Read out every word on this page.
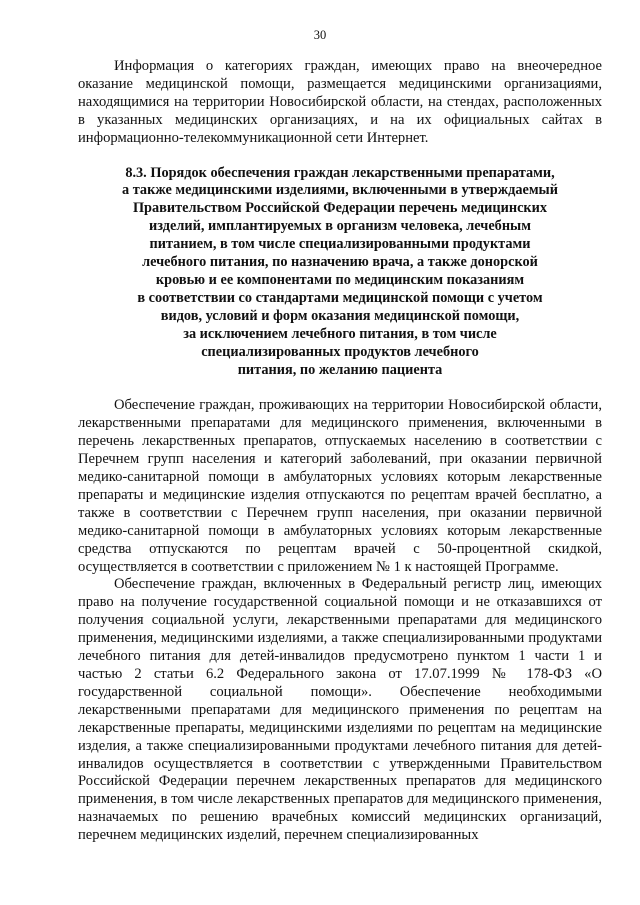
30

Информация о категориях граждан, имеющих право на внеочередное оказание медицинской помощи, размещается медицинскими организациями, находящимися на территории Новосибирской области, на стендах, расположенных в указанных медицинских организациях, и на их официальных сайтах в информационно-телекоммуникационной сети Интернет.

8.3. Порядок обеспечения граждан лекарственными препаратами,
а также медицинскими изделиями, включенными в утверждаемый
Правительством Российской Федерации перечень медицинских
изделий, имплантируемых в организм человека, лечебным
питанием, в том числе специализированными продуктами
лечебного питания, по назначению врача, а также донорской
кровью и ее компонентами по медицинским показаниям
в соответствии со стандартами медицинской помощи с учетом
видов, условий и форм оказания медицинской помощи,
за исключением лечебного питания, в том числе
специализированных продуктов лечебного
питания, по желанию пациента

Обеспечение граждан, проживающих на территории Новосибирской области, лекарственными препаратами для медицинского применения, включенными в перечень лекарственных препаратов, отпускаемых населению в соответствии с Перечнем групп населения и категорий заболеваний, при оказании первичной медико-санитарной помощи в амбулаторных условиях которым лекарственные препараты и медицинские изделия отпускаются по рецептам врачей бесплатно, а также в соответствии с Перечнем групп населения, при оказании первичной медико-санитарной помощи в амбулаторных условиях которым лекарственные средства отпускаются по рецептам врачей с 50-процентной скидкой, осуществляется в соответствии с приложением № 1 к настоящей Программе.

Обеспечение граждан, включенных в Федеральный регистр лиц, имеющих право на получение государственной социальной помощи и не отказавшихся от получения социальной услуги, лекарственными препаратами для медицинского применения, медицинскими изделиями, а также специализированными продуктами лечебного питания для детей-инвалидов предусмотрено пунктом 1 части 1 и частью 2 статьи 6.2 Федерального закона от 17.07.1999 № 178-ФЗ «О государственной социальной помощи». Обеспечение необходимыми лекарственными препаратами для медицинского применения по рецептам на лекарственные препараты, медицинскими изделиями по рецептам на медицинские изделия, а также специализированными продуктами лечебного питания для детей-инвалидов осуществляется в соответствии с утвержденными Правительством Российской Федерации перечнем лекарственных препаратов для медицинского применения, в том числе лекарственных препаратов для медицинского применения, назначаемых по решению врачебных комиссий медицинских организаций, перечнем медицинских изделий, перечнем специализированных
